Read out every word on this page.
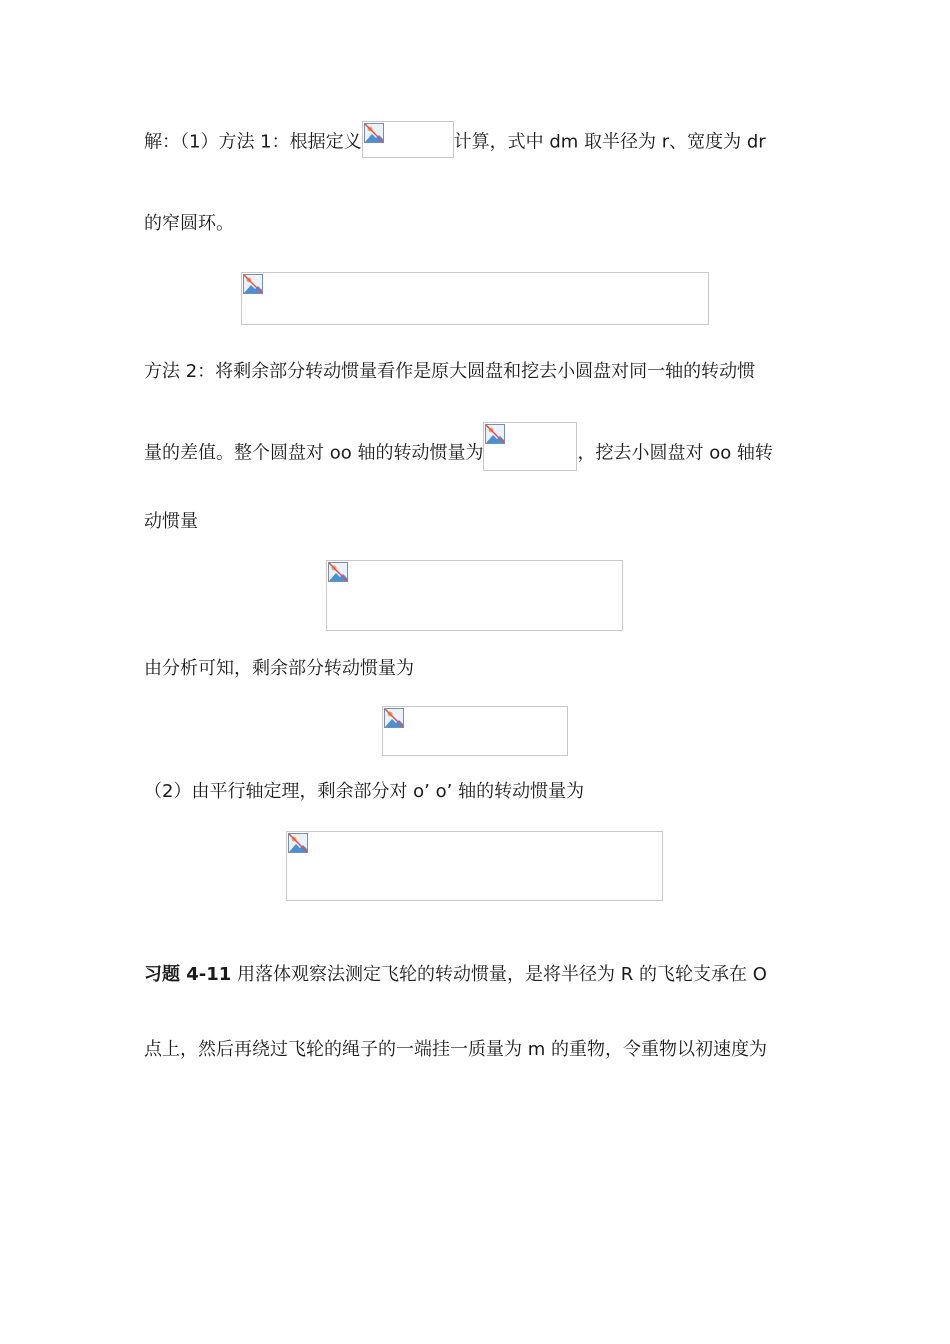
解：（1）方法 1：根据定义	计算，式中 dm 取半径为 r、宽度为 dr
的窄圆环。
方法 2：将剩余部分转动惯量看作是原大圆盘和挖去小圆盘对同一轴的转动惯
量的差值。整个圆盘对 oo 轴的转动惯量为	，挖去小圆盘对 oo 轴转
动惯量
由分析可知，剩余部分转动惯量为
（2）由平行轴定理，剩余部分对 o’ o’ 轴的转动惯量为
习题 4-11 用落体观察法测定飞轮的转动惯量，是将半径为 R 的飞轮支承在 O
点上，然后再绕过飞轮的绳子的一端挂一质量为 m 的重物，令重物以初速度为
